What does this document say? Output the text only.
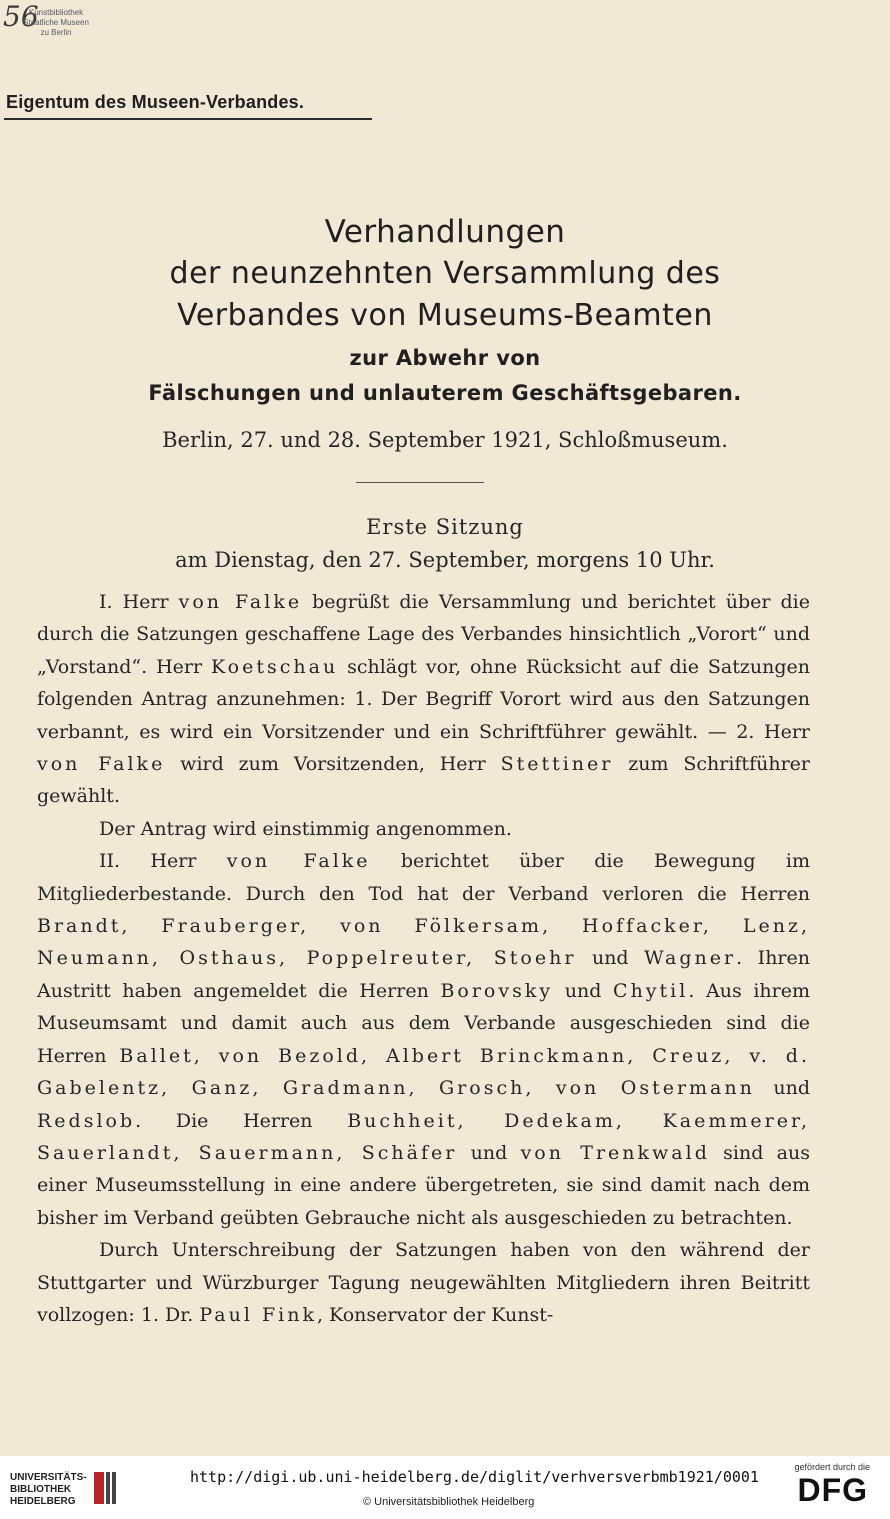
56
Kunstbibliothek
Staatliche Museen
zu Berlin
Eigentum des Museen-Verbandes.
Verhandlungen
der neunzehnten Versammlung des
Verbandes von Museums-Beamten
zur Abwehr von
Fälschungen und unlauterem Geschäftsgebaren.
Berlin, 27. und 28. September 1921, Schloßmuseum.
Erste Sitzung
am Dienstag, den 27. September, morgens 10 Uhr.

I. Herr von Falke begrüßt die Versammlung und berichtet über die durch die Satzungen geschaffene Lage des Verbandes hinsichtlich „Vorort“ und „Vorstand“. Herr Koetschau schlägt vor, ohne Rücksicht auf die Satzungen folgenden Antrag anzunehmen: 1. Der Begriff Vorort wird aus den Satzungen verbannt, es wird ein Vorsitzender und ein Schriftführer gewählt. — 2. Herr von Falke wird zum Vorsitzenden, Herr Stettiner zum Schriftführer gewählt.

Der Antrag wird einstimmig angenommen.

II. Herr von Falke berichtet über die Bewegung im Mitgliederbestande. Durch den Tod hat der Verband verloren die Herren Brandt, Frauberger, von Fölkersam, Hoffacker, Lenz, Neumann, Osthaus, Poppelreuter, Stoehr und Wagner. Ihren Austritt haben angemeldet die Herren Borovsky und Chytil. Aus ihrem Museumsamt und damit auch aus dem Verbande ausgeschieden sind die Herren Ballet, von Bezold, Albert Brinckmann, Creuz, v. d. Gabelentz, Ganz, Gradmann, Grosch, von Ostermann und Redslob. Die Herren Buchheit, Dedekam, Kaemmerer, Sauerlandt, Sauermann, Schäfer und von Trenkwald sind aus einer Museumsstellung in eine andere übergetreten, sie sind damit nach dem bisher im Verband geübten Gebrauche nicht als ausgeschieden zu betrachten.

Durch Unterschreibung der Satzungen haben von den während der Stuttgarter und Würzburger Tagung neugewählten Mitgliedern ihren Beitritt vollzogen: 1. Dr. Paul Fink, Konservator der Kunst-

UNIVERSITÄTS-
BIBLIOTHEK
HEIDELBERG
http://digi.ub.uni-heidelberg.de/diglit/verhversverbmb1921/0001
© Universitätsbibliothek Heidelberg
gefördert durch die
DFG
